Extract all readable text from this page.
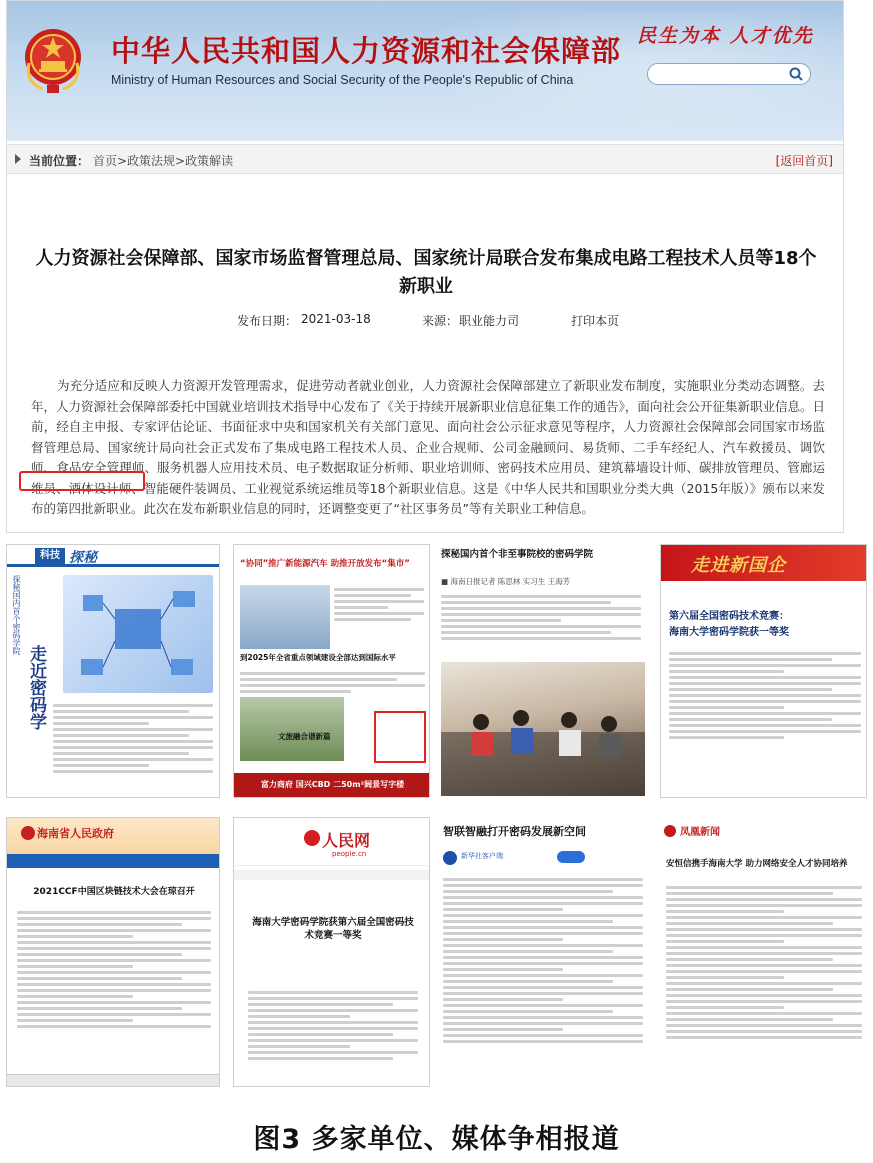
中华人民共和国人力资源和社会保障部
Ministry of Human Resources and Social Security of the People's Republic of China
民生为本 人才优先
当前位置： 首页>政策法规>政策解读	[返回首页]
人力资源社会保障部、国家市场监督管理总局、国家统计局联合发布集成电路工程技术人员等18个新职业
发布日期： 2021-03-18	来源： 职业能力司	打印本页
为充分适应和反映人力资源开发管理需求，促进劳动者就业创业，人力资源社会保障部建立了新职业发布制度，实施职业分类动态调整。去年，人力资源社会保障部委托中国就业培训技术指导中心发布了《关于持续开展新职业信息征集工作的通告》，面向社会公开征集新职业信息。日前，经自主申报、专家评估论证、书面征求中央和国家机关有关部门意见、面向社会公示征求意见等程序，人力资源社会保障部会同国家市场监督管理总局、国家统计局向社会正式发布了集成电路工程技术人员、企业合规师、公司金融顾问、易货师、二手车经纪人、汽车救援员、调饮师、食品安全管理师、服务机器人应用技术员、电子数据取证分析师、职业培训师、密码技术应用员、建筑幕墙设计师、碳排放管理员、管廊运维员、酒体设计师、智能硬件装调员、工业视觉系统运维员等18个新职业信息。这是《中华人民共和国职业分类大典（2015年版）》颁布以来发布的第四批新职业。此次在发布新职业信息的同时，还调整变更了“社区事务员”等有关职业工种信息。
科技 探秘
探秘国内首个密码学院
走近密码学
“协同”推广新能源汽车 助推开放发布“集市”
到2025年全省重点领域建设全部达到国际水平
文旅融合谱新篇
富力商府 国兴CBD 二50m²阔景写字楼
探秘国内首个非至事院校的密码学院
■ 海南日报记者 陈思林 实习生 王海芳
走进新国企
第六届全国密码技术竞赛：
海南大学密码学院获一等奖
海南省人民政府
2021CCF中国区块链技术大会在琼召开
人民网
people.cn
海南大学密码学院获第六届全国密码技术竞赛一等奖
智联智融打开密码发展新空间
新华社客户端
凤凰新闻
安恒信携手海南大学 助力网络安全人才协同培养
图3 多家单位、媒体争相报道
